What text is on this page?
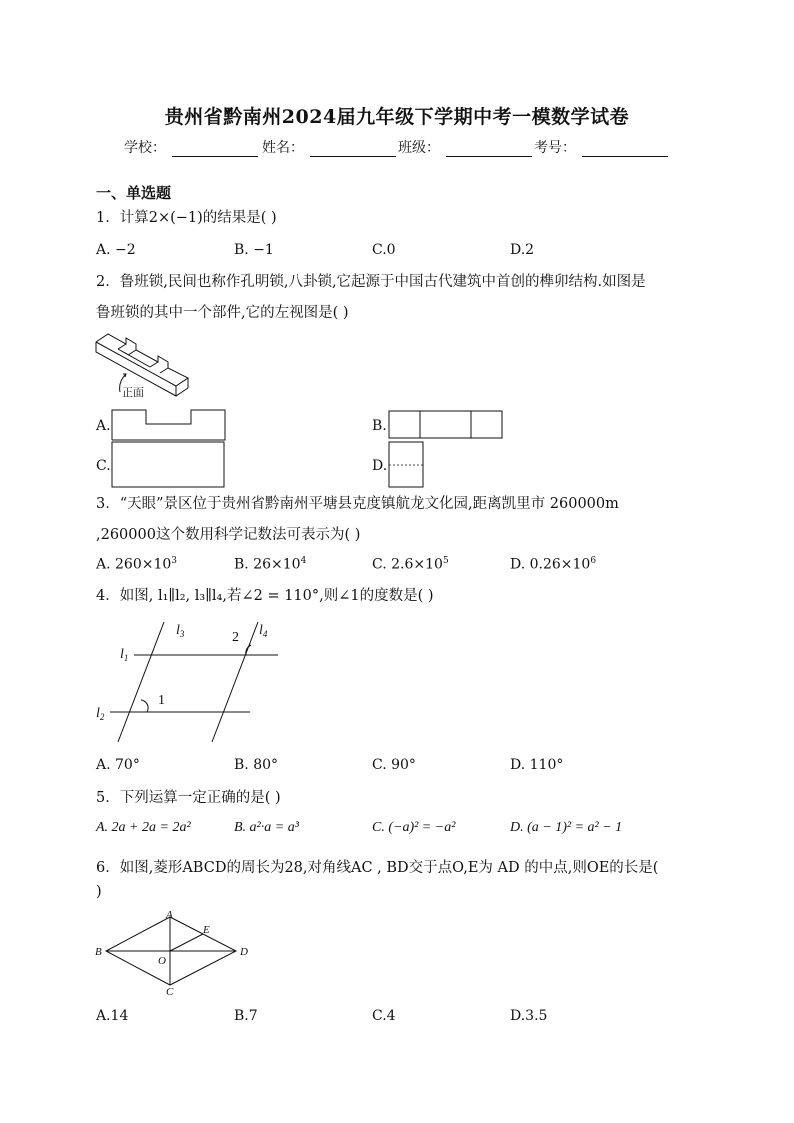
贵州省黔南州2024届九年级下学期中考一模数学试卷
学校：	姓名：	班级：	考号：
一、单选题
1．计算2×(−1)的结果是( )
A. −2	B. −1	C.0	D.2
2．鲁班锁,民间也称作孔明锁,八卦锁,它起源于中国古代建筑中首创的榫卯结构.如图是
鲁班锁的其中一个部件,它的左视图是( )
正面
A.	B.
C.	D.
3．“天眼”景区位于贵州省黔南州平塘县克度镇航龙文化园,距离凯里市 260000m
,260000这个数用科学记数法可表示为( )
A. $260\times 10^3$	B. $26\times 10^4$	C. $2.6\times 10^5$	D. $0.26\times 10^6$
4．如图, l₁∥l₂, l₃∥l₄,若∠2 = 110°,则∠1的度数是( )
$l_1$
$l_2$
$l_3$	$l_4$
1
2
A. 70°	B. 80°	C. 90°	D. 110°
5．下列运算一定正确的是( )
A. 2a + 2a = 2a²	B. a²·a = a³	C. (−a)² = −a²	D. (a − 1)² = a² − 1
6．如图,菱形ABCD的周长为28,对角线AC , BD交于点O,E为 AD 的中点,则OE的长是(
)
A
B
C
D
E
O
A.14	B.7	C.4	D.3.5
